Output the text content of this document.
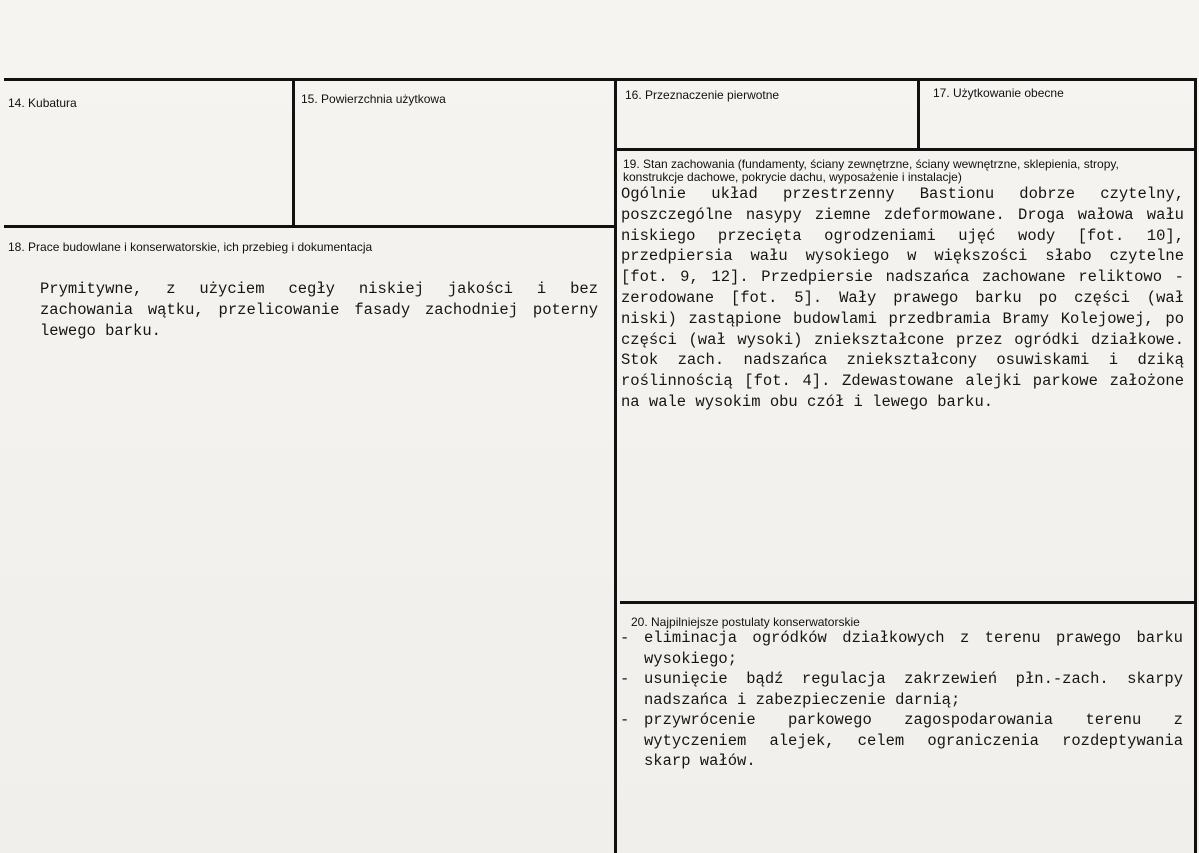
14. Kubatura	15. Powierzchnia użytkowa	16. Przeznaczenie pierwotne	17. Użytkowanie obecne
18. Prace budowlane i konserwatorskie, ich przebieg i dokumentacja
Prymitywne, z użyciem cegły niskiej jakości i bez zachowania wątku, przelicowanie fasady zachodniej poterny lewego barku.
19. Stan zachowania (fundamenty, ściany zewnętrzne, ściany wewnętrzne, sklepienia, stropy, konstrukcje dachowe, pokrycie dachu, wyposażenie i instalacje)
Ogólnie układ przestrzenny Bastionu dobrze czytelny, poszczególne nasypy ziemne zdeformowane. Droga wałowa wału niskiego przecięta ogrodzeniami ujęć wody [fot. 10], przedpiersia wału wysokiego w większości słabo czytelne [fot. 9, 12]. Przedpiersie nadszańca zachowane reliktowo - zerodowane [fot. 5]. Wały prawego barku po części (wał niski) zastąpione budowlami przedbramia Bramy Kolejowej, po części (wał wysoki) zniekształcone przez ogródki działkowe. Stok zach. nadszańca zniekształcony osuwiskami i dziką roślinnością [fot. 4]. Zdewastowane alejki parkowe założone na wale wysokim obu czół i lewego barku.
20. Najpilniejsze postulaty konserwatorskie
- eliminacja ogródków działkowych z terenu prawego barku wysokiego;
- usunięcie bądź regulacja zakrzewień płn.-zach. skarpy nadszańca i zabezpieczenie darnią;
- przywrócenie parkowego zagospodarowania terenu z wytyczeniem alejek, celem ograniczenia rozdeptywania skarp wałów.
